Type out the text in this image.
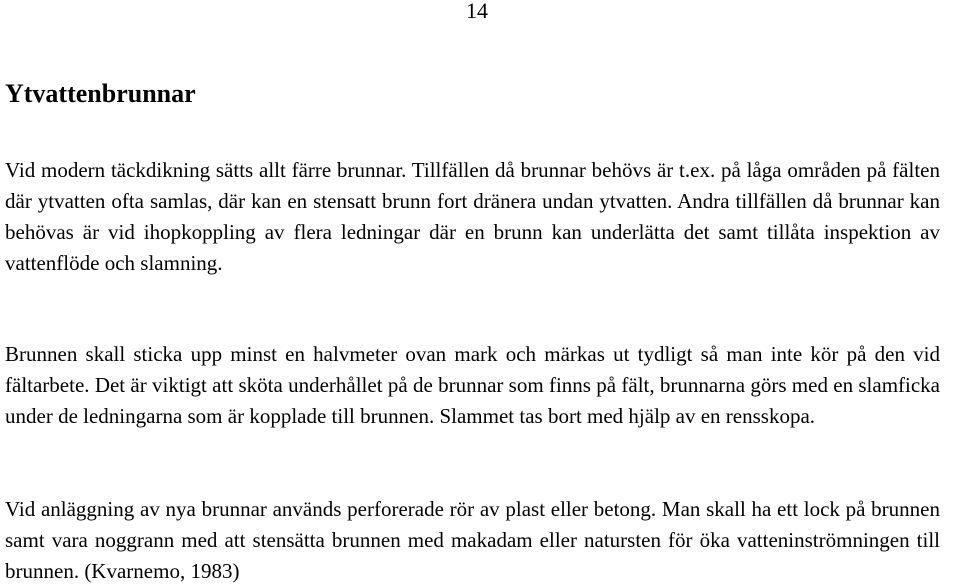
14
Ytvattenbrunnar

Vid modern täckdikning sätts allt färre brunnar. Tillfällen då brunnar behövs är t.ex. på låga områden på fälten där ytvatten ofta samlas, där kan en stensatt brunn fort dränera undan ytvatten. Andra tillfällen då brunnar kan behövas är vid ihopkoppling av flera ledningar där en brunn kan underlätta det samt tillåta inspektion av vattenflöde och slamning.

Brunnen skall sticka upp minst en halvmeter ovan mark och märkas ut tydligt så man inte kör på den vid fältarbete. Det är viktigt att sköta underhållet på de brunnar som finns på fält, brunnarna görs med en slamficka under de ledningarna som är kopplade till brunnen. Slammet tas bort med hjälp av en rensskopa.

Vid anläggning av nya brunnar används perforerade rör av plast eller betong. Man skall ha ett lock på brunnen samt vara noggrann med att stensätta brunnen med makadam eller natursten för öka vatteninströmningen till brunnen. (Kvarnemo, 1983)
